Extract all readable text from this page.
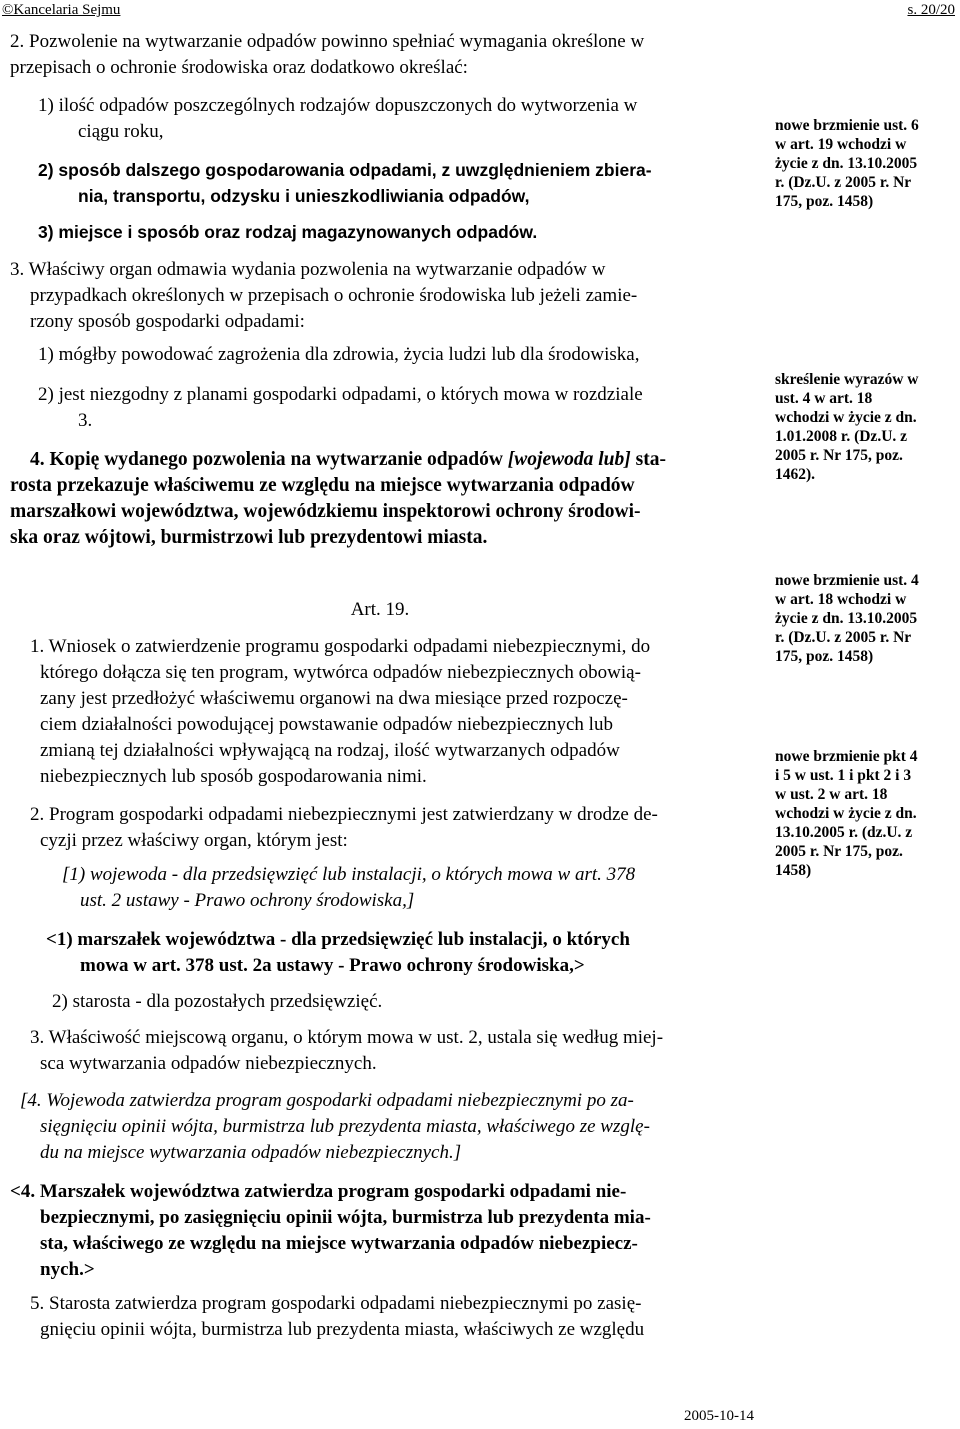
©Kancelaria Sejmu	s. 20/20
2. Pozwolenie na wytwarzanie odpadów powinno spełniać wymagania określone w
przepisach o ochronie środowiska oraz dodatkowo określać:
1) ilość odpadów poszczególnych rodzajów dopuszczonych do wytworzenia w
ciągu roku,
2) sposób dalszego gospodarowania odpadami, z uwzględnieniem zbiera-
nia, transportu, odzysku i unieszkodliwiania odpadów,
3) miejsce i sposób oraz rodzaj magazynowanych odpadów.
3. Właściwy organ odmawia wydania pozwolenia na wytwarzanie odpadów w
przypadkach określonych w przepisach o ochronie środowiska lub jeżeli zamie-
rzony sposób gospodarki odpadami:
1) mógłby powodować zagrożenia dla zdrowia, życia ludzi lub dla środowiska,
2) jest niezgodny z planami gospodarki odpadami, o których mowa w rozdziale
3.
4. Kopię wydanego pozwolenia na wytwarzanie odpadów [wojewoda lub] sta-
rosta przekazuje właściwemu ze względu na miejsce wytwarzania odpadów
marszałkowi województwa, wojewódzkiemu inspektorowi ochrony środowi-
ska oraz wójtowi, burmistrzowi lub prezydentowi miasta.
Art. 19.
1. Wniosek o zatwierdzenie programu gospodarki odpadami niebezpiecznymi, do
którego dołącza się ten program, wytwórca odpadów niebezpiecznych obowią-
zany jest przedłożyć właściwemu organowi na dwa miesiące przed rozpoczę-
ciem działalności powodującej powstawanie odpadów niebezpiecznych lub
zmianą tej działalności wpływającą na rodzaj, ilość wytwarzanych odpadów
niebezpiecznych lub sposób gospodarowania nimi.
2. Program gospodarki odpadami niebezpiecznymi jest zatwierdzany w drodze de-
cyzji przez właściwy organ, którym jest:
[1) wojewoda - dla przedsięwzięć lub instalacji, o których mowa w art. 378
ust. 2 ustawy - Prawo ochrony środowiska,]
<1) marszałek województwa - dla przedsięwzięć lub instalacji, o których
mowa w art. 378 ust. 2a ustawy - Prawo ochrony środowiska,>
2) starosta - dla pozostałych przedsięwzięć.
3. Właściwość miejscową organu, o którym mowa w ust. 2, ustala się według miej-
sca wytwarzania odpadów niebezpiecznych.
[4. Wojewoda zatwierdza program gospodarki odpadami niebezpiecznymi po za-
sięgnięciu opinii wójta, burmistrza lub prezydenta miasta, właściwego ze wzglę-
du na miejsce wytwarzania odpadów niebezpiecznych.]
<4. Marszałek województwa zatwierdza program gospodarki odpadami nie-
bezpiecznymi, po zasięgnięciu opinii wójta, burmistrza lub prezydenta mia-
sta, właściwego ze względu na miejsce wytwarzania odpadów niebezpiecz-
nych.>
5. Starosta zatwierdza program gospodarki odpadami niebezpiecznymi po zasię-
gnięciu opinii wójta, burmistrza lub prezydenta miasta, właściwych ze względu
nowe brzmienie ust. 6
w art. 19 wchodzi w
życie z dn. 13.10.2005
r. (Dz.U. z 2005 r. Nr
175, poz. 1458)
skreślenie wyrazów w
ust. 4 w art. 18
wchodzi w życie z dn.
1.01.2008 r. (Dz.U. z
2005 r. Nr 175, poz.
1462).
nowe brzmienie ust. 4
w art. 18 wchodzi w
życie z dn. 13.10.2005
r. (Dz.U. z 2005 r. Nr
175, poz. 1458)
nowe brzmienie pkt 4
i 5 w ust. 1 i pkt 2 i 3
w ust. 2 w art. 18
wchodzi w życie z dn.
13.10.2005 r. (dz.U. z
2005 r. Nr 175, poz.
1458)
2005-10-14
